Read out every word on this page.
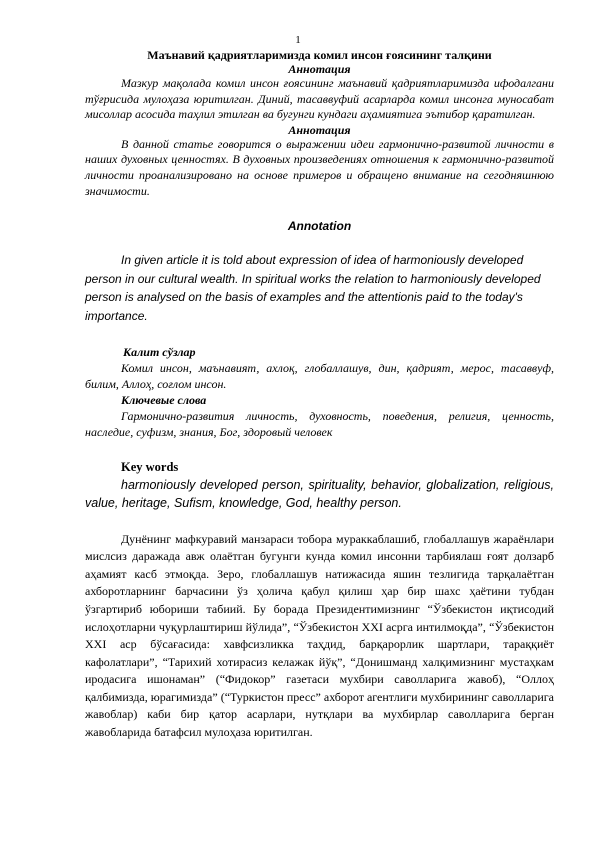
1

Маънавий қадриятларимизда комил инсон ғоясининг талқини

Аннотация

Мазкур мақолада комил инсон ғоясининг маънавий қадриятларимизда ифодалгани тўғрисида мулоҳаза юритилган. Диний, тасаввуфий асарларда комил инсонга муносабат мисоллар асосида таҳлил этилган ва бугунги кундаги аҳамиятига эътибор қаратилган.

Аннотация

В данной статье говорится о выражении идеи гармонично-развитой личности в наших духовных ценностях. В духовных произведениях отношения к гармонично-развитой личности проанализировано на основе примеров и обращено внимание на сегодняшнюю значимости.

Annotation

In given article it is told about expression of idea of harmoniously developed person in our cultural wealth. In spiritual works the relation to harmoniously developed person is analysed on the basis of examples and the attentionis paid to the today's importance.

Калит сўзлар

Комил инсон, маънавият, ахлоқ, глобаллашув, дин, қадрият, мерос, тасаввуф, билим, Аллоҳ, соғлом инсон.

Ключевые слова

Гармонично-развития личность, духовность, поведения, религия, ценность, наследие, суфизм, знания, Бог, здоровый человек

Key words

harmoniously developed person, spirituality, behavior, globalization, religious, value, heritage, Sufism, knowledge, God, healthy person.

Дунёнинг мафкуравий манзараси тобора мураккаблашиб, глобаллашув жараёнлари мислсиз даражада авж олаётган бугунги кунда комил инсонни тарбиялаш ғоят долзарб аҳамият касб этмоқда. Зеро, глобаллашув натижасида яшин тезлигида тарқалаётган ахборотларнинг барчасини ўз ҳолича қабул қилиш ҳар бир шахс ҳаётини тубдан ўзгартириб юбориши табиий. Бу борада Президентимизнинг “Ўзбекистон иқтисодий ислоҳотларни чуқурлаштириш йўлида”, “Ўзбекистон XXI асрга интилмоқда”, “Ўзбекистон XXI аср бўсағасида: хавфсизликка таҳдид, барқарорлик шартлари, тараққиёт кафолатлари”, “Тарихий хотирасиз келажак йўқ”, “Донишманд халқимизнинг мустаҳкам иродасига ишонаман” (“Фидокор” газетаси мухбири саволларига жавоб), “Оллоҳ қалбимизда, юрагимизда” (“Туркистон пресс” ахборот агентлиги мухбирининг саволларига жавоблар) каби бир қатор асарлари, нутқлари ва мухбирлар саволларига берган жавобларида батафсил мулоҳаза юритилган.
